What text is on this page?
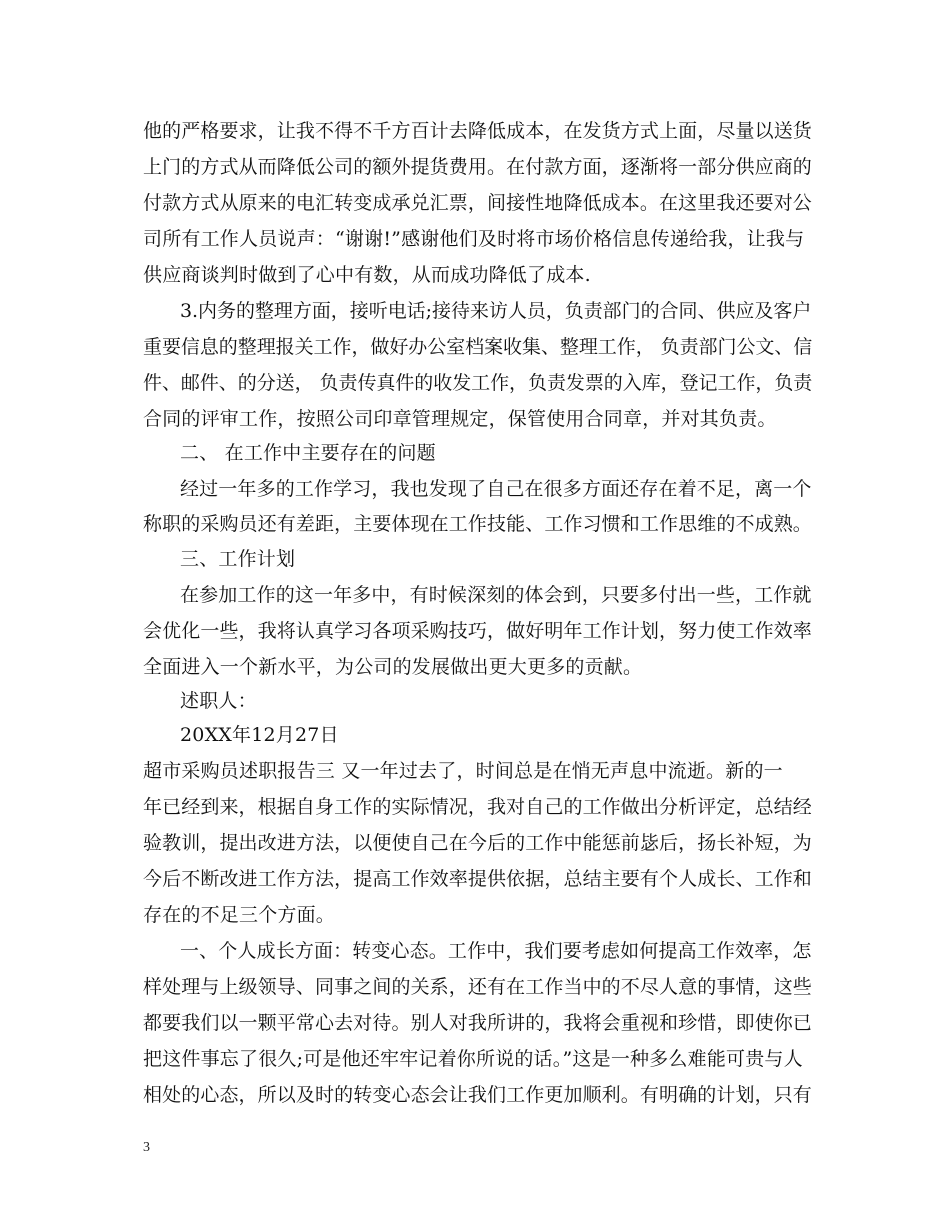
他的严格要求，让我不得不千方百计去降低成本，在发货方式上面，尽量以送货
上门的方式从而降低公司的额外提货费用。在付款方面，逐渐将一部分供应商的
付款方式从原来的电汇转变成承兑汇票，间接性地降低成本。在这里我还要对公
司所有工作人员说声：“谢谢!”感谢他们及时将市场价格信息传递给我，让我与
供应商谈判时做到了心中有数，从而成功降低了成本.
3.内务的整理方面，接听电话;接待来访人员，负责部门的合同、供应及客户
重要信息的整理报关工作，做好办公室档案收集、整理工作， 负责部门公文、信
件、邮件、的分送， 负责传真件的收发工作，负责发票的入库，登记工作，负责
合同的评审工作，按照公司印章管理规定，保管使用合同章，并对其负责。
二、 在工作中主要存在的问题
经过一年多的工作学习，我也发现了自己在很多方面还存在着不足，离一个
称职的采购员还有差距，主要体现在工作技能、工作习惯和工作思维的不成熟。
三、工作计划
在参加工作的这一年多中，有时候深刻的体会到，只要多付出一些，工作就
会优化一些，我将认真学习各项采购技巧，做好明年工作计划，努力使工作效率
全面进入一个新水平，为公司的发展做出更大更多的贡献。
述职人：
20XX年12月27日
超市采购员述职报告三 又一年过去了，时间总是在悄无声息中流逝。新的一
年已经到来，根据自身工作的实际情况，我对自己的工作做出分析评定，总结经
验教训，提出改进方法，以便使自己在今后的工作中能惩前毖后，扬长补短，为
今后不断改进工作方法，提高工作效率提供依据，总结主要有个人成长、工作和
存在的不足三个方面。
一、个人成长方面：转变心态。工作中，我们要考虑如何提高工作效率，怎
样处理与上级领导、同事之间的关系，还有在工作当中的不尽人意的事情，这些
都要我们以一颗平常心去对待。别人对我所讲的，我将会重视和珍惜，即使你已
把这件事忘了很久;可是他还牢牢记着你所说的话。”这是一种多么难能可贵与人
相处的心态，所以及时的转变心态会让我们工作更加顺利。有明确的计划，只有
3
